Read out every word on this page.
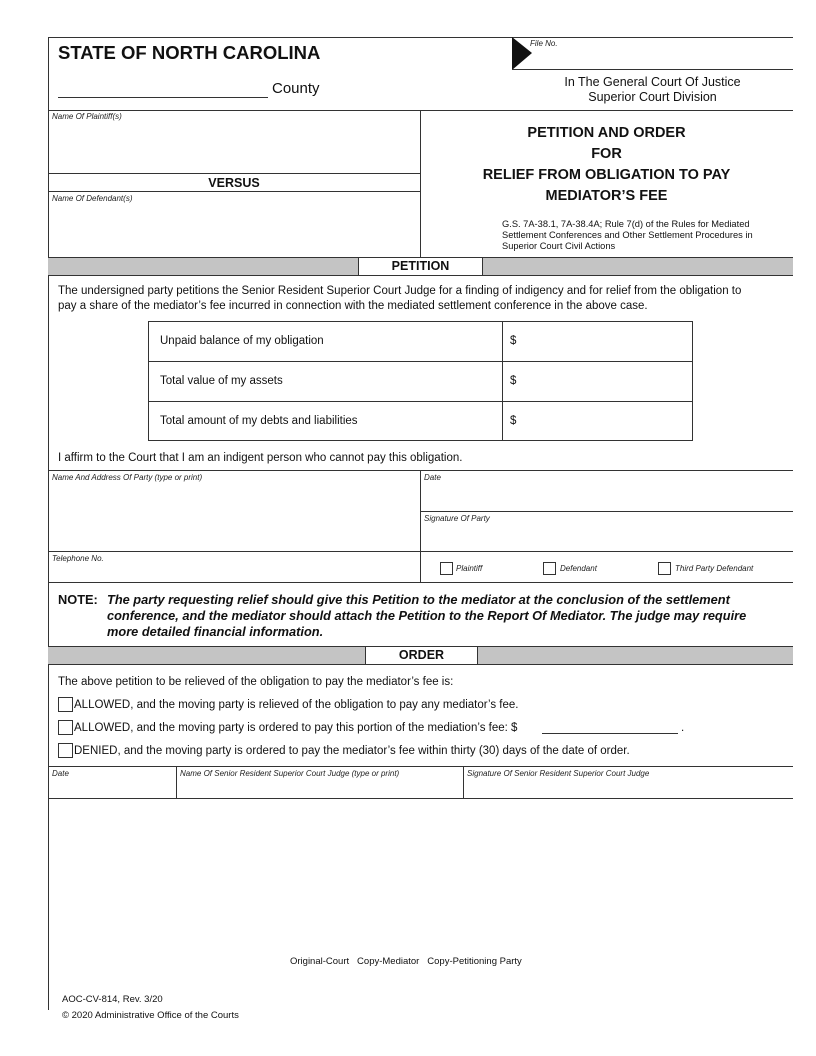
STATE OF NORTH CAROLINA
County
File No.
In The General Court Of Justice
Superior Court Division
Name Of Plaintiff(s)
VERSUS
Name Of Defendant(s)
PETITION AND ORDER
FOR
RELIEF FROM OBLIGATION TO PAY
MEDIATOR’S FEE
G.S. 7A-38.1, 7A-38.4A; Rule 7(d) of the Rules for Mediated
Settlement Conferences and Other Settlement Procedures in
Superior Court Civil Actions
PETITION
The undersigned party petitions the Senior Resident Superior Court Judge for a finding of indigency and for relief from the obligation to
pay a share of the mediator’s fee incurred in connection with the mediated settlement conference in the above case.
Unpaid balance of my obligation	$
Total value of my assets	$
Total amount of my debts and liabilities	$
I affirm to the Court that I am an indigent person who cannot pay this obligation.
Name And Address Of Party (type or print)	Date
Signature Of Party
Telephone No.
Plaintiff	Defendant	Third Party Defendant
NOTE: The party requesting relief should give this Petition to the mediator at the conclusion of the settlement
conference, and the mediator should attach the Petition to the Report Of Mediator. The judge may require
more detailed financial information.
ORDER
The above petition to be relieved of the obligation to pay the mediator’s fee is:
ALLOWED, and the moving party is relieved of the obligation to pay any mediator’s fee.
ALLOWED, and the moving party is ordered to pay this portion of the mediation’s fee: $	.
DENIED, and the moving party is ordered to pay the mediator’s fee within thirty (30) days of the date of order.
Date	Name Of Senior Resident Superior Court Judge (type or print)	Signature Of Senior Resident Superior Court Judge
Original-Court   Copy-Mediator   Copy-Petitioning Party
AOC-CV-814, Rev. 3/20
© 2020 Administrative Office of the Courts
